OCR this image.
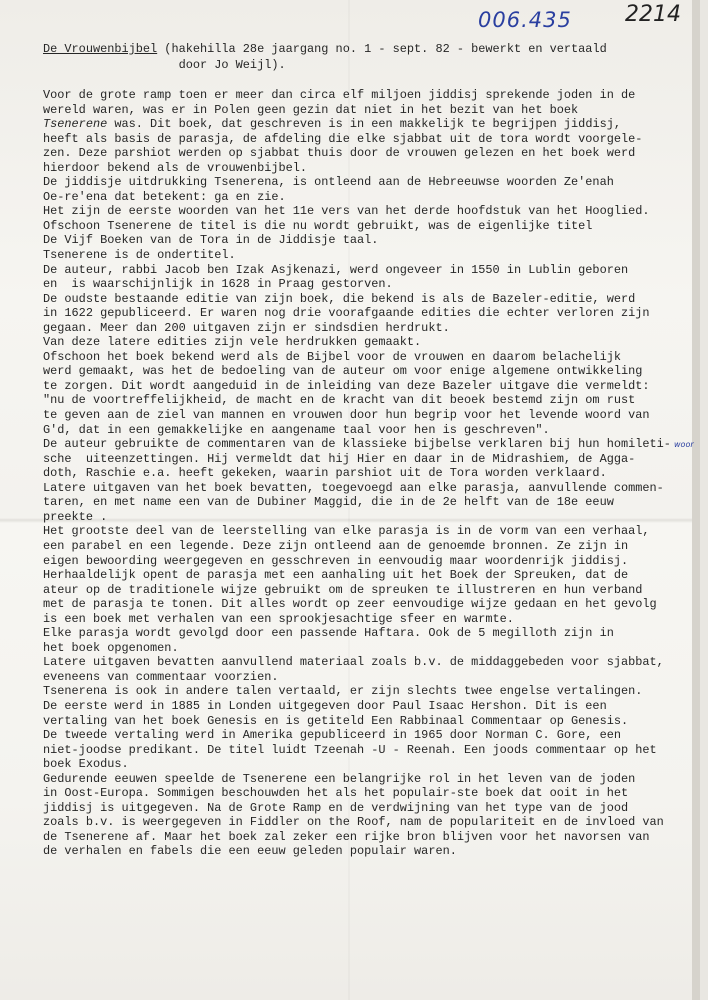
006.435 2214
woor
De Vrouwenbijbel (hakehilla 28e jaargang no. 1 - sept. 82 - bewerkt en vertaald
door Jo Weijl).
Voor de grote ramp toen er meer dan circa elf miljoen jiddisj sprekende joden in de
wereld waren, was er in Polen geen gezin dat niet in het bezit van het boek
Tsenerene was. Dit boek, dat geschreven is in een makkelijk te begrijpen jiddisj,
heeft als basis de parasja, de afdeling die elke sjabbat uit de tora wordt voorgele-
zen. Deze parshiot werden op sjabbat thuis door de vrouwen gelezen en het boek werd
hierdoor bekend als de vrouwenbijbel.
De jiddisje uitdrukking Tsenerena, is ontleend aan de Hebreeuwse woorden Ze'enah
Oe-re'ena dat betekent: ga en zie.
Het zijn de eerste woorden van het 11e vers van het derde hoofdstuk van het Hooglied.
Ofschoon Tsenerene de titel is die nu wordt gebruikt, was de eigenlijke titel
De Vijf Boeken van de Tora in de Jiddisje taal.
Tsenerene is de ondertitel.
De auteur, rabbi Jacob ben Izak Asjkenazi, werd ongeveer in 1550 in Lublin geboren
en  is waarschijnlijk in 1628 in Praag gestorven.
De oudste bestaande editie van zijn boek, die bekend is als de Bazeler-editie, werd
in 1622 gepubliceerd. Er waren nog drie voorafgaande edities die echter verloren zijn
gegaan. Meer dan 200 uitgaven zijn er sindsdien herdrukt.
Van deze latere edities zijn vele herdrukken gemaakt.
Ofschoon het boek bekend werd als de Bijbel voor de vrouwen en daarom belachelijk
werd gemaakt, was het de bedoeling van de auteur om voor enige algemene ontwikkeling
te zorgen. Dit wordt aangeduid in de inleiding van deze Bazeler uitgave die vermeldt:
"nu de voortreffelijkheid, de macht en de kracht van dit beoek bestemd zijn om rust
te geven aan de ziel van mannen en vrouwen door hun begrip voor het levende woord van
G'd, dat in een gemakkelijke en aangename taal voor hen is geschreven".
De auteur gebruikte de commentaren van de klassieke bijbelse verklaren bij hun homileti-
sche  uiteenzettingen. Hij vermeldt dat hij Hier en daar in de Midrashiem, de Agga-
doth, Raschie e.a. heeft gekeken, waarin parshiot uit de Tora worden verklaard.
Latere uitgaven van het boek bevatten, toegevoegd aan elke parasja, aanvullende commen-
taren, en met name een van de Dubiner Maggid, die in de 2e helft van de 18e eeuw
preekte .
Het grootste deel van de leerstelling van elke parasja is in de vorm van een verhaal,
een parabel en een legende. Deze zijn ontleend aan de genoemde bronnen. Ze zijn in
eigen bewoording weergegeven en gesschreven in eenvoudig maar woordenrijk jiddisj.
Herhaaldelijk opent de parasja met een aanhaling uit het Boek der Spreuken, dat de
ateur op de traditionele wijze gebruikt om de spreuken te illustreren en hun verband
met de parasja te tonen. Dit alles wordt op zeer eenvoudige wijze gedaan en het gevolg
is een boek met verhalen van een sprookjesachtige sfeer en warmte.
Elke parasja wordt gevolgd door een passende Haftara. Ook de 5 megilloth zijn in
het boek opgenomen.
Latere uitgaven bevatten aanvullend materiaal zoals b.v. de middaggebeden voor sjabbat,
eveneens van commentaar voorzien.
Tsenerena is ook in andere talen vertaald, er zijn slechts twee engelse vertalingen.
De eerste werd in 1885 in Londen uitgegeven door Paul Isaac Hershon. Dit is een
vertaling van het boek Genesis en is getiteld Een Rabbinaal Commentaar op Genesis.
De tweede vertaling werd in Amerika gepubliceerd in 1965 door Norman C. Gore, een
niet-joodse predikant. De titel luidt Tzeenah -U - Reenah. Een joods commentaar op het
boek Exodus.
Gedurende eeuwen speelde de Tsenerene een belangrijke rol in het leven van de joden
in Oost-Europa. Sommigen beschouwden het als het populair-ste boek dat ooit in het
jiddisj is uitgegeven. Na de Grote Ramp en de verdwijning van het type van de jood
zoals b.v. is weergegeven in Fiddler on the Roof, nam de populariteit en de invloed van
de Tsenerene af. Maar het boek zal zeker een rijke bron blijven voor het navorsen van
de verhalen en fabels die een eeuw geleden populair waren.
